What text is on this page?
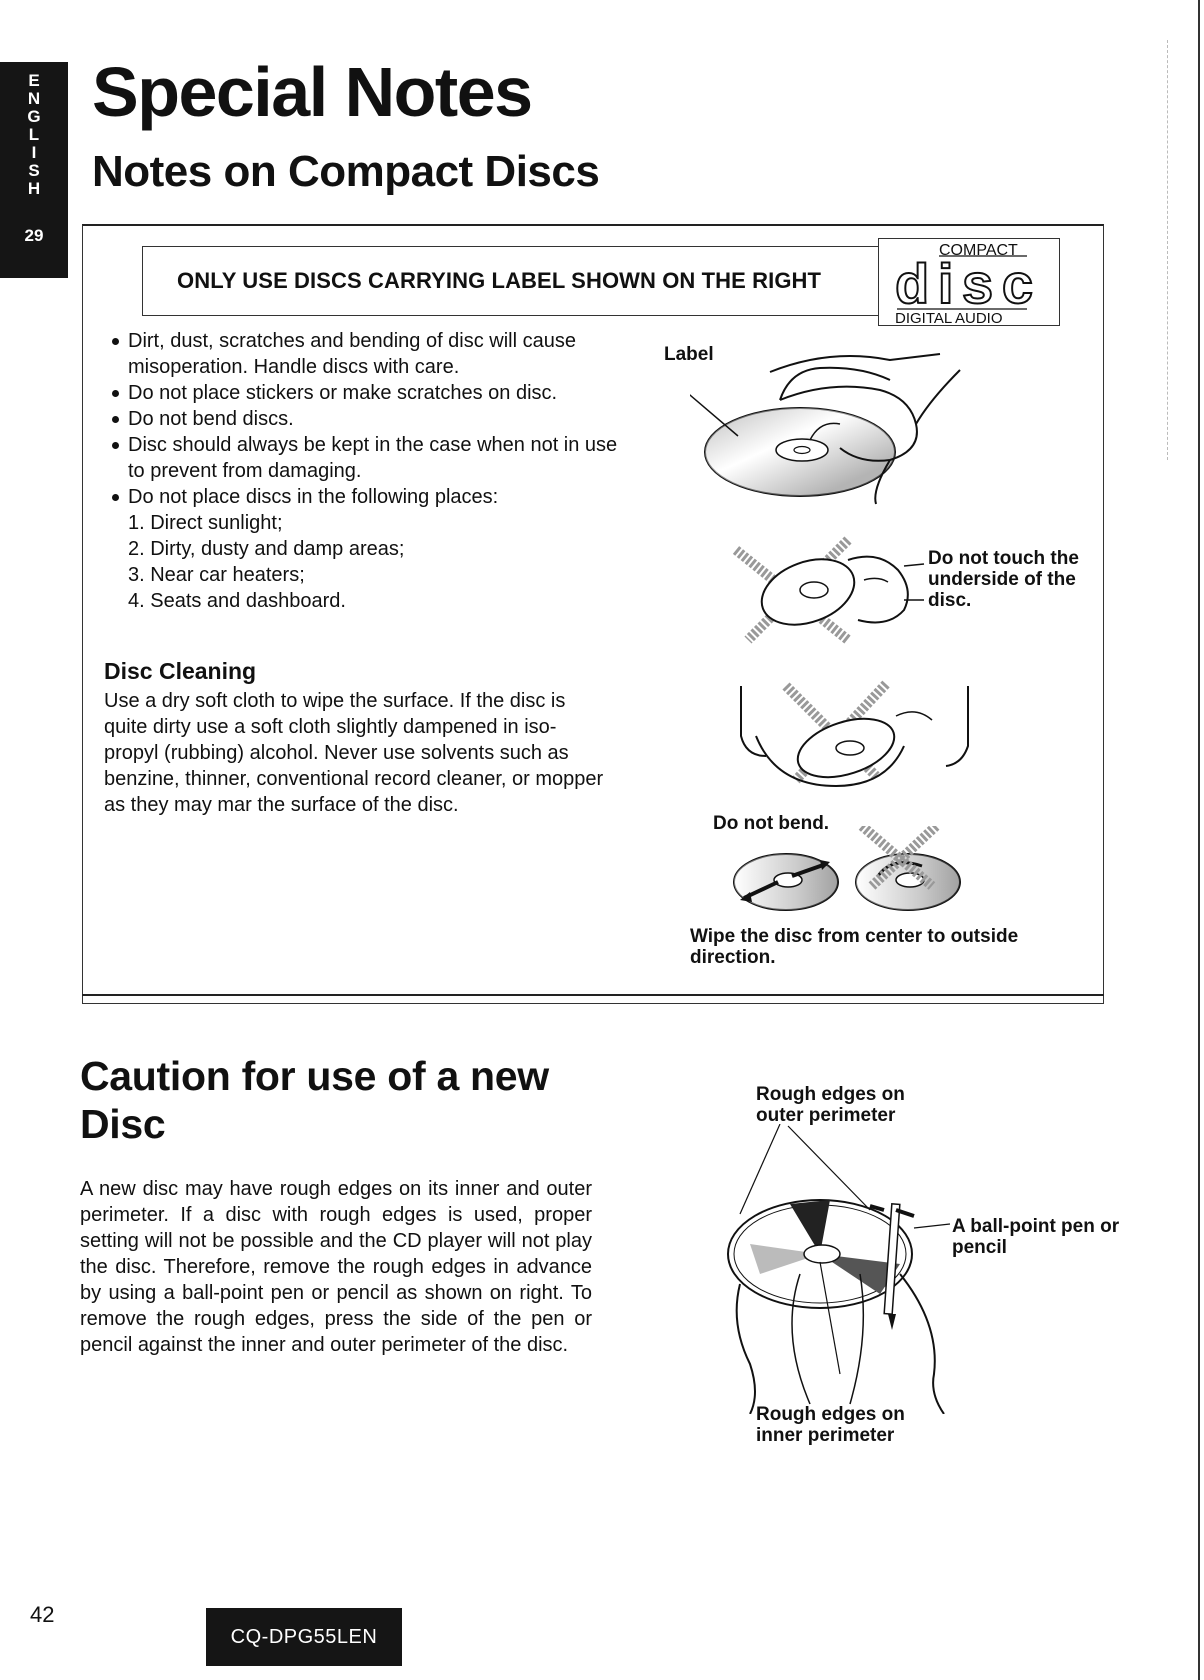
E
N
G
L
I
S
H
29
Special Notes
Notes on Compact Discs
ONLY USE DISCS CARRYING LABEL SHOWN ON THE RIGHT
COMPACT
disc
DIGITAL AUDIO
Dirt, dust, scratches and bending of disc will cause misoperation. Handle discs with care.
Do not place stickers or make scratches on disc.
Do not bend discs.
Disc should always be kept in the case when not in use to prevent from damaging.
Do not place discs in the following places:
1. Direct sunlight;
2. Dirty, dusty and damp areas;
3. Near car heaters;
4. Seats and dashboard.
Disc Cleaning
Use a dry soft cloth to wipe the surface. If the disc is quite dirty use a soft cloth slightly dampened in iso-propyl (rubbing) alcohol. Never use solvents such as benzine, thinner, conventional record cleaner, or mopper as they may mar the surface of the disc.
Label
Do not touch the underside of the disc.
Do not bend.
Wipe the disc from center to outside direction.
Caution for use of a new Disc
A new disc may have rough edges on its inner and outer perimeter. If a disc with rough edges is used, proper setting will not be possible and the CD player will not play the disc. Therefore, remove the rough edges in advance by using a ball-point pen or pencil as shown on right. To remove the rough edges, press the side of the pen or pencil against the inner and outer perimeter of the disc.
Rough edges on outer perimeter
A ball-point pen or pencil
Rough edges on inner perimeter
42
CQ-DPG55LEN
